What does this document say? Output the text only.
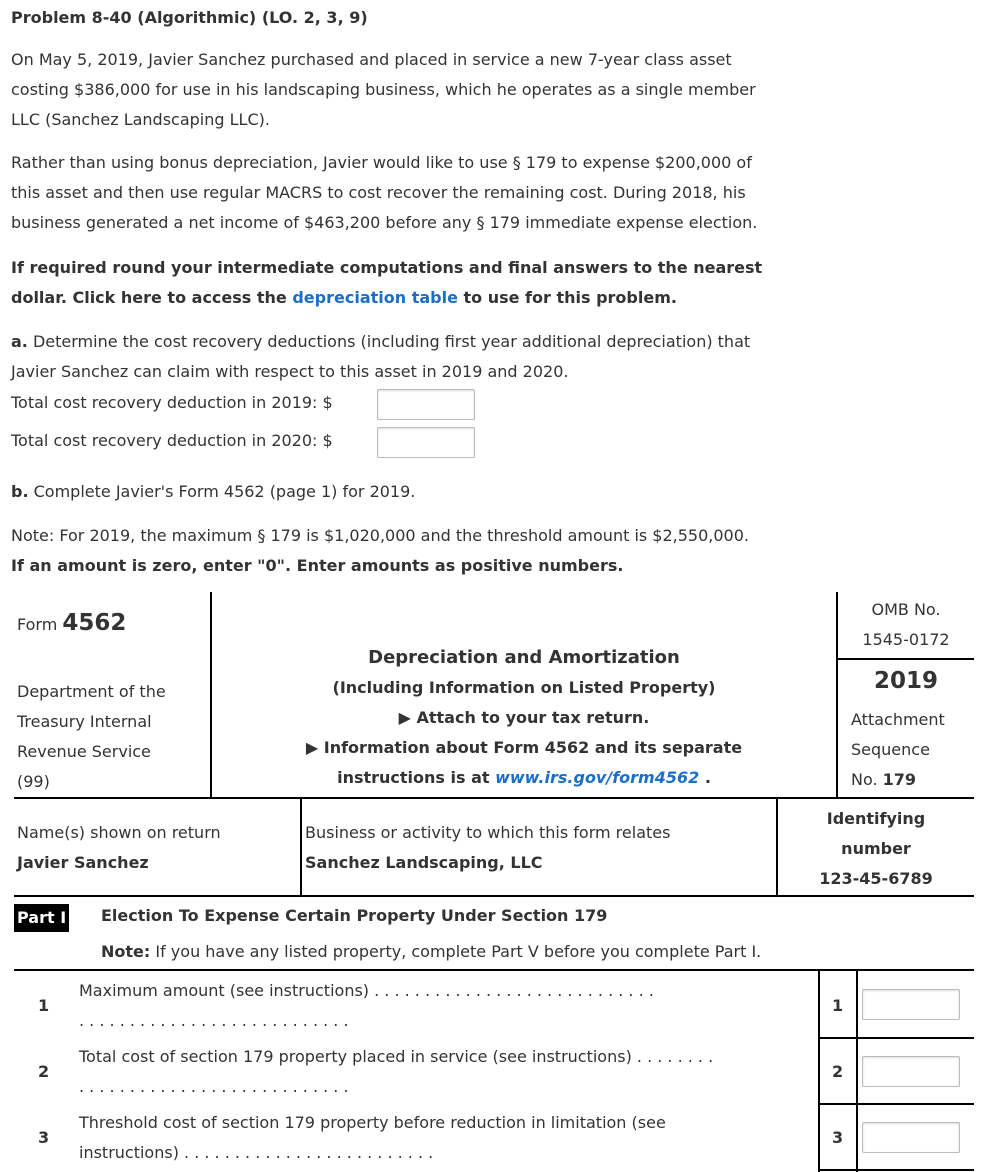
Problem 8-40 (Algorithmic) (LO. 2, 3, 9)
On May 5, 2019, Javier Sanchez purchased and placed in service a new 7-year class asset
costing $386,000 for use in his landscaping business, which he operates as a single member
LLC (Sanchez Landscaping LLC).
Rather than using bonus depreciation, Javier would like to use § 179 to expense $200,000 of
this asset and then use regular MACRS to cost recover the remaining cost. During 2018, his
business generated a net income of $463,200 before any § 179 immediate expense election.
If required round your intermediate computations and final answers to the nearest
dollar. Click here to access the depreciation table to use for this problem.
a. Determine the cost recovery deductions (including first year additional depreciation) that
Javier Sanchez can claim with respect to this asset in 2019 and 2020.
Total cost recovery deduction in 2019: $
Total cost recovery deduction in 2020: $
b. Complete Javier's Form 4562 (page 1) for 2019.
Note: For 2019, the maximum § 179 is $1,020,000 and the threshold amount is $2,550,000.
If an amount is zero, enter "0". Enter amounts as positive numbers.
Form 4562
Department of the
Treasury Internal
Revenue Service
(99)
Depreciation and Amortization
(Including Information on Listed Property)
▶ Attach to your tax return.
▶ Information about Form 4562 and its separate
instructions is at www.irs.gov/form4562 .
OMB No.
1545-0172
2019
Attachment
Sequence
No. 179
Name(s) shown on return
Javier Sanchez
Business or activity to which this form relates
Sanchez Landscaping, LLC
Identifying
number
123-45-6789
Part I Election To Expense Certain Property Under Section 179
Note: If you have any listed property, complete Part V before you complete Part I.
1
Maximum amount (see instructions) . . . . . . . . . . . . . . . . . . . . . . . . . . . .
. . . . . . . . . . . . . . . . . . . . . . . . . . .
1
2
Total cost of section 179 property placed in service (see instructions) . . . . . . . .
. . . . . . . . . . . . . . . . . . . . . . . . . . .
2
3
Threshold cost of section 179 property before reduction in limitation (see
instructions) . . . . . . . . . . . . . . . . . . . . . . . . .
3
